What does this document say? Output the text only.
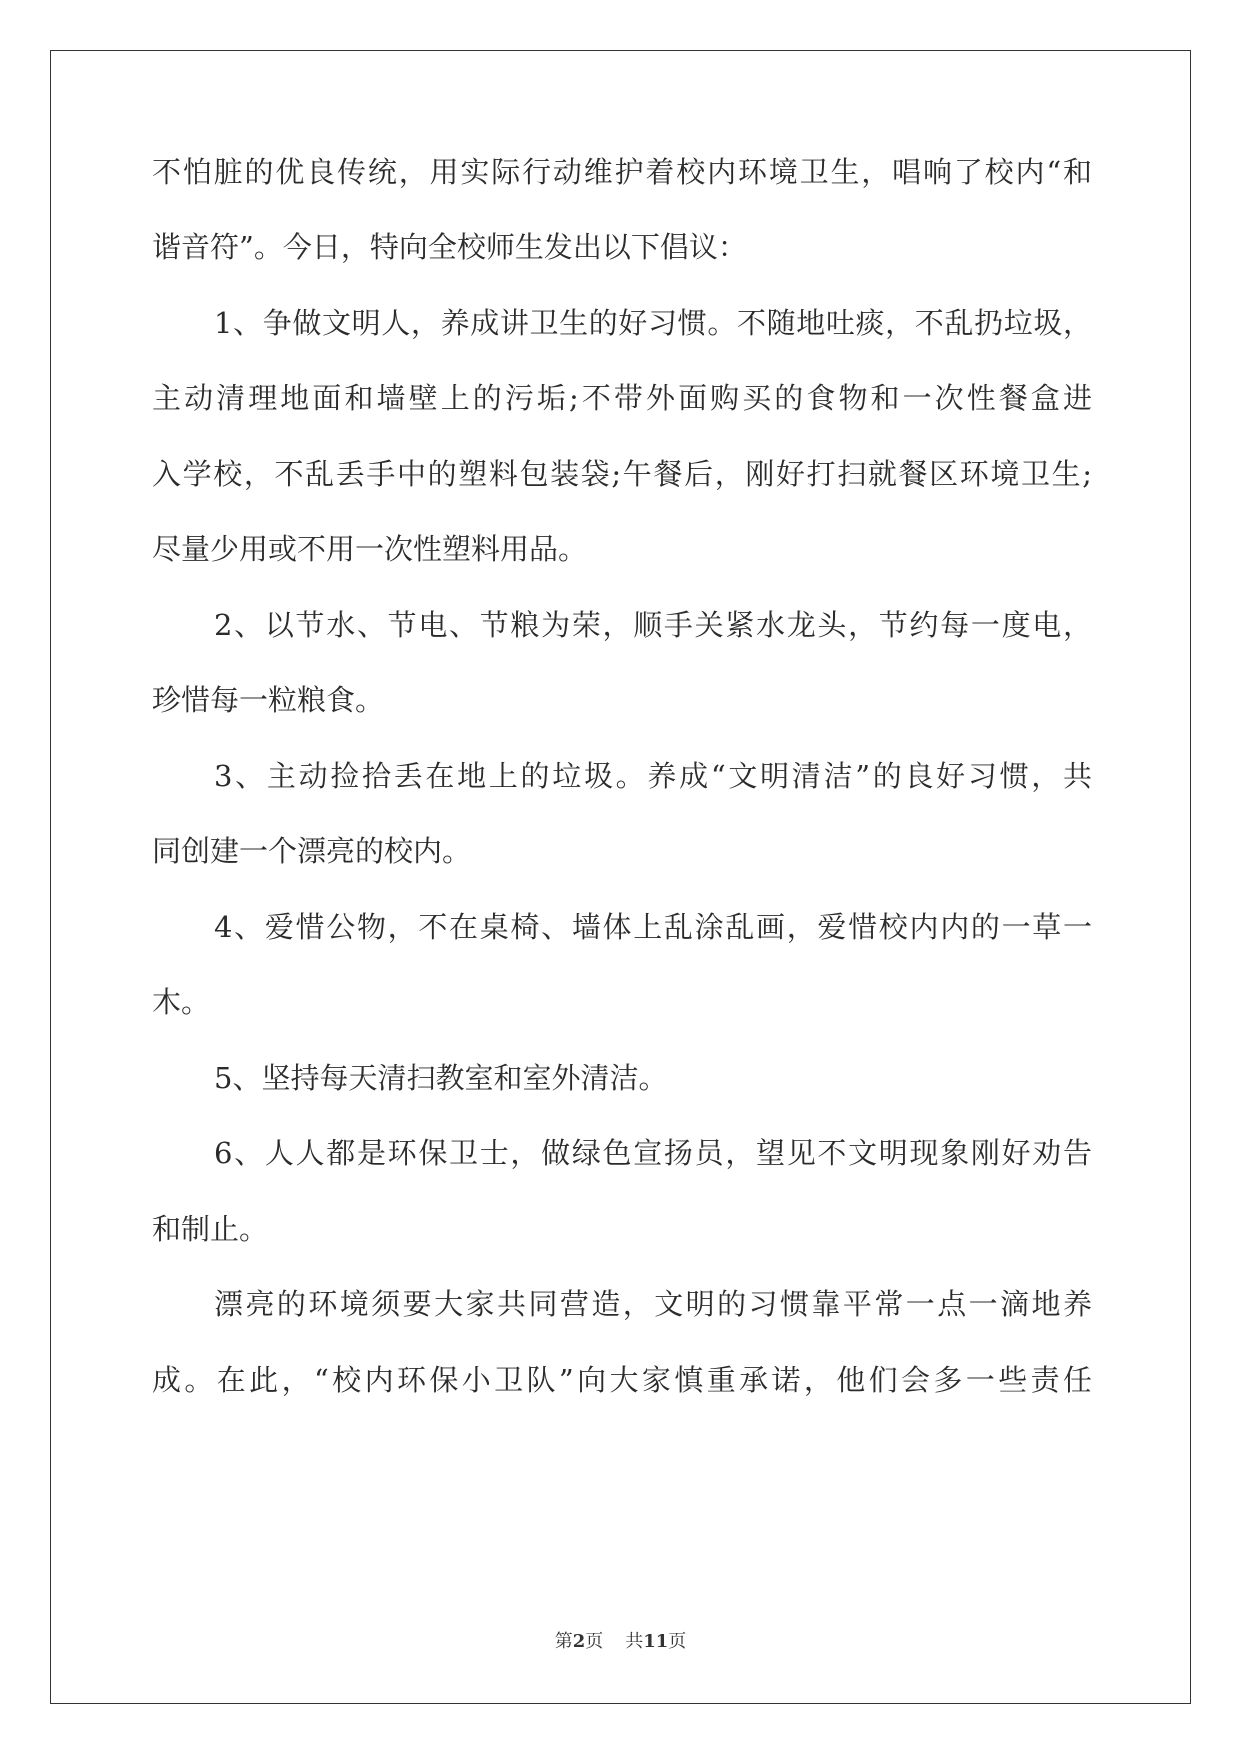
不怕脏的优良传统，用实际行动维护着校内环境卫生，唱响了校内“和
谐音符”。今日，特向全校师生发出以下倡议：
1、争做文明人，养成讲卫生的好习惯。不随地吐痰，不乱扔垃圾，
主动清理地面和墙壁上的污垢;不带外面购买的食物和一次性餐盒进
入学校，不乱丢手中的塑料包装袋;午餐后，刚好打扫就餐区环境卫生;
尽量少用或不用一次性塑料用品。
2、以节水、节电、节粮为荣，顺手关紧水龙头，节约每一度电，
珍惜每一粒粮食。
3、主动捡拾丢在地上的垃圾。养成“文明清洁”的良好习惯，共
同创建一个漂亮的校内。
4、爱惜公物，不在桌椅、墙体上乱涂乱画，爱惜校内内的一草一
木。
5、坚持每天清扫教室和室外清洁。
6、人人都是环保卫士，做绿色宣扬员，望见不文明现象刚好劝告
和制止。
漂亮的环境须要大家共同营造，文明的习惯靠平常一点一滴地养
成。在此，“校内环保小卫队”向大家慎重承诺，他们会多一些责任
第2页 共11页
